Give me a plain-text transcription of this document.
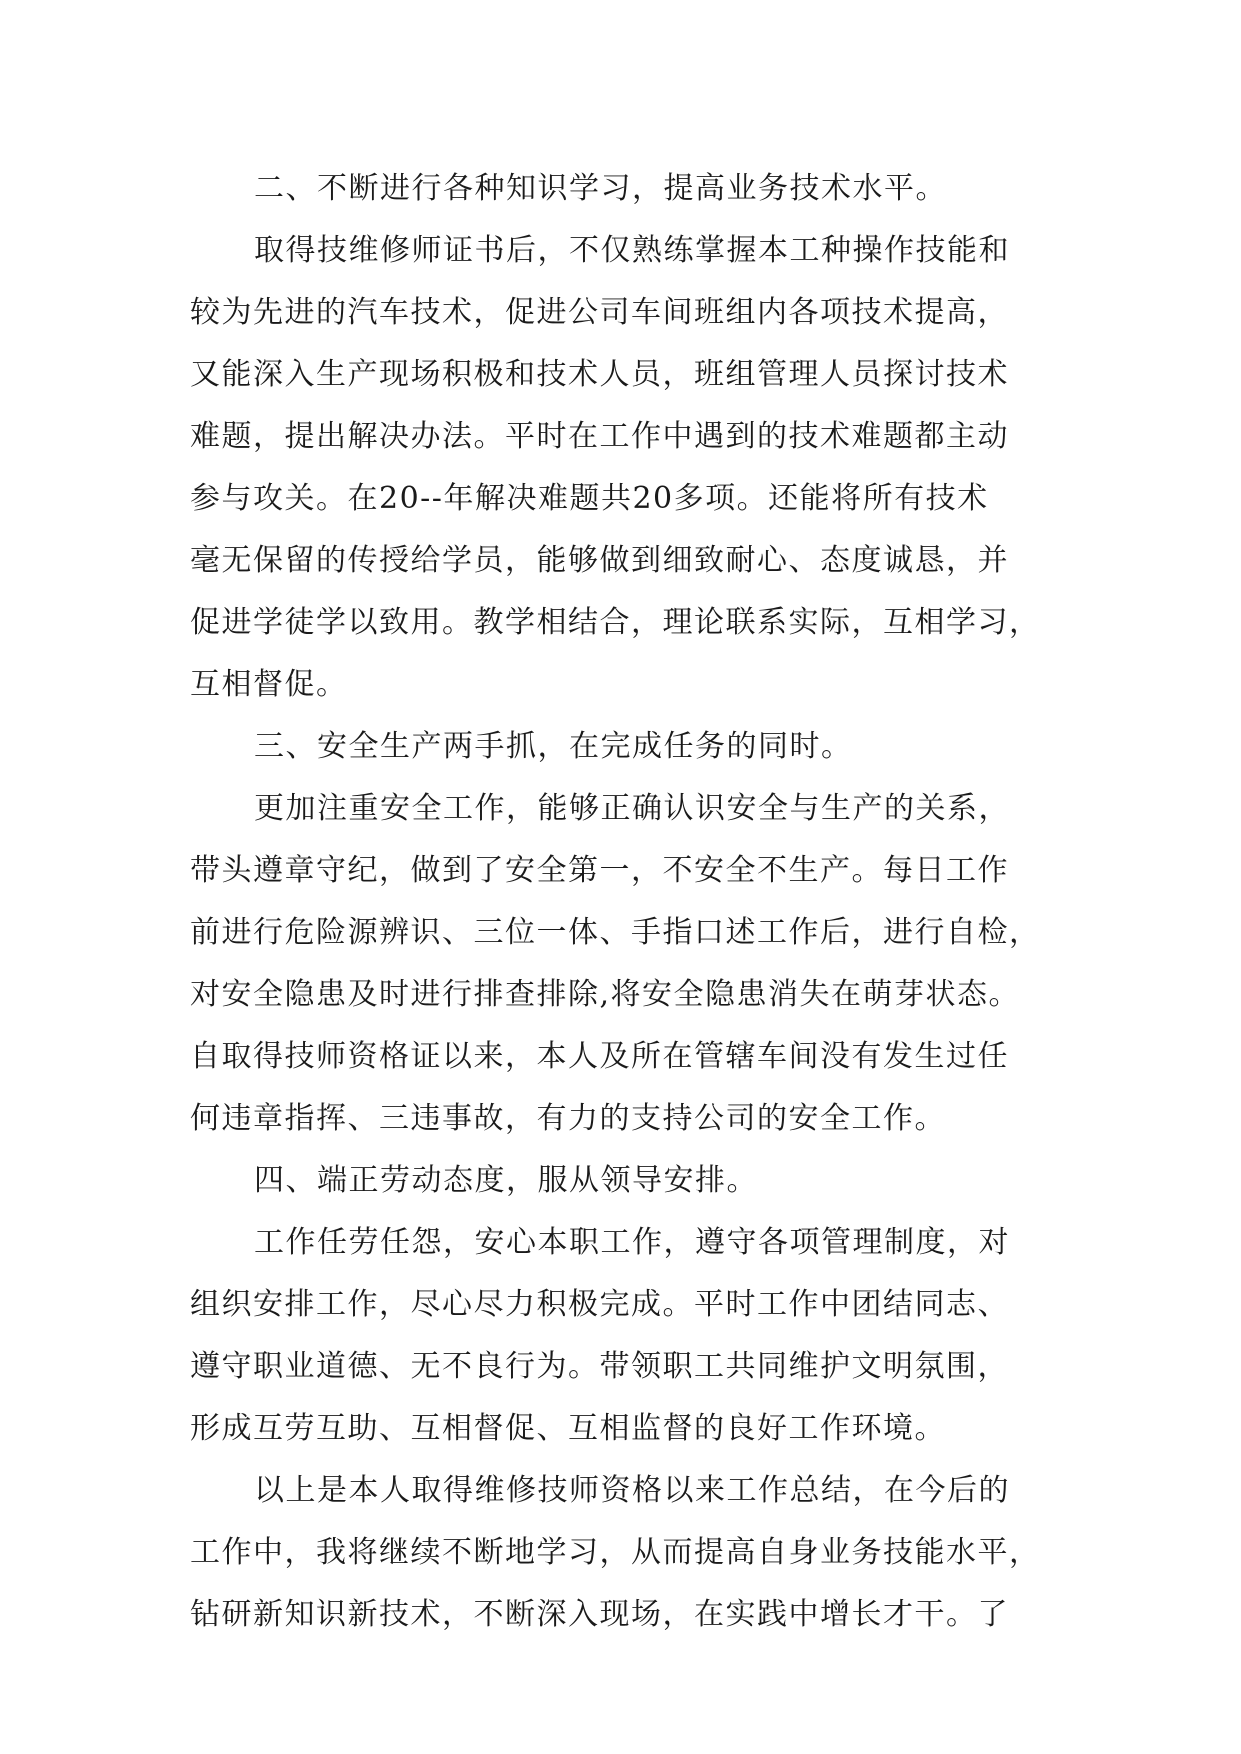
二、不断进行各种知识学习，提高业务技术水平。
取得技维修师证书后，不仅熟练掌握本工种操作技能和
较为先进的汽车技术，促进公司车间班组内各项技术提高，
又能深入生产现场积极和技术人员，班组管理人员探讨技术
难题，提出解决办法。平时在工作中遇到的技术难题都主动
参与攻关。在20--年解决难题共20多项。还能将所有技术
毫无保留的传授给学员，能够做到细致耐心、态度诚恳，并
促进学徒学以致用。教学相结合，理论联系实际，互相学习，
互相督促。
三、安全生产两手抓，在完成任务的同时。
更加注重安全工作，能够正确认识安全与生产的关系，
带头遵章守纪，做到了安全第一，不安全不生产。每日工作
前进行危险源辨识、三位一体、手指口述工作后，进行自检，
对安全隐患及时进行排查排除,将安全隐患消失在萌芽状态。
自取得技师资格证以来，本人及所在管辖车间没有发生过任
何违章指挥、三违事故，有力的支持公司的安全工作。
四、端正劳动态度，服从领导安排。
工作任劳任怨，安心本职工作，遵守各项管理制度，对
组织安排工作，尽心尽力积极完成。平时工作中团结同志、
遵守职业道德、无不良行为。带领职工共同维护文明氛围，
形成互劳互助、互相督促、互相监督的良好工作环境。
以上是本人取得维修技师资格以来工作总结，在今后的
工作中，我将继续不断地学习，从而提高自身业务技能水平，
钻研新知识新技术，不断深入现场，在实践中增长才干。了
